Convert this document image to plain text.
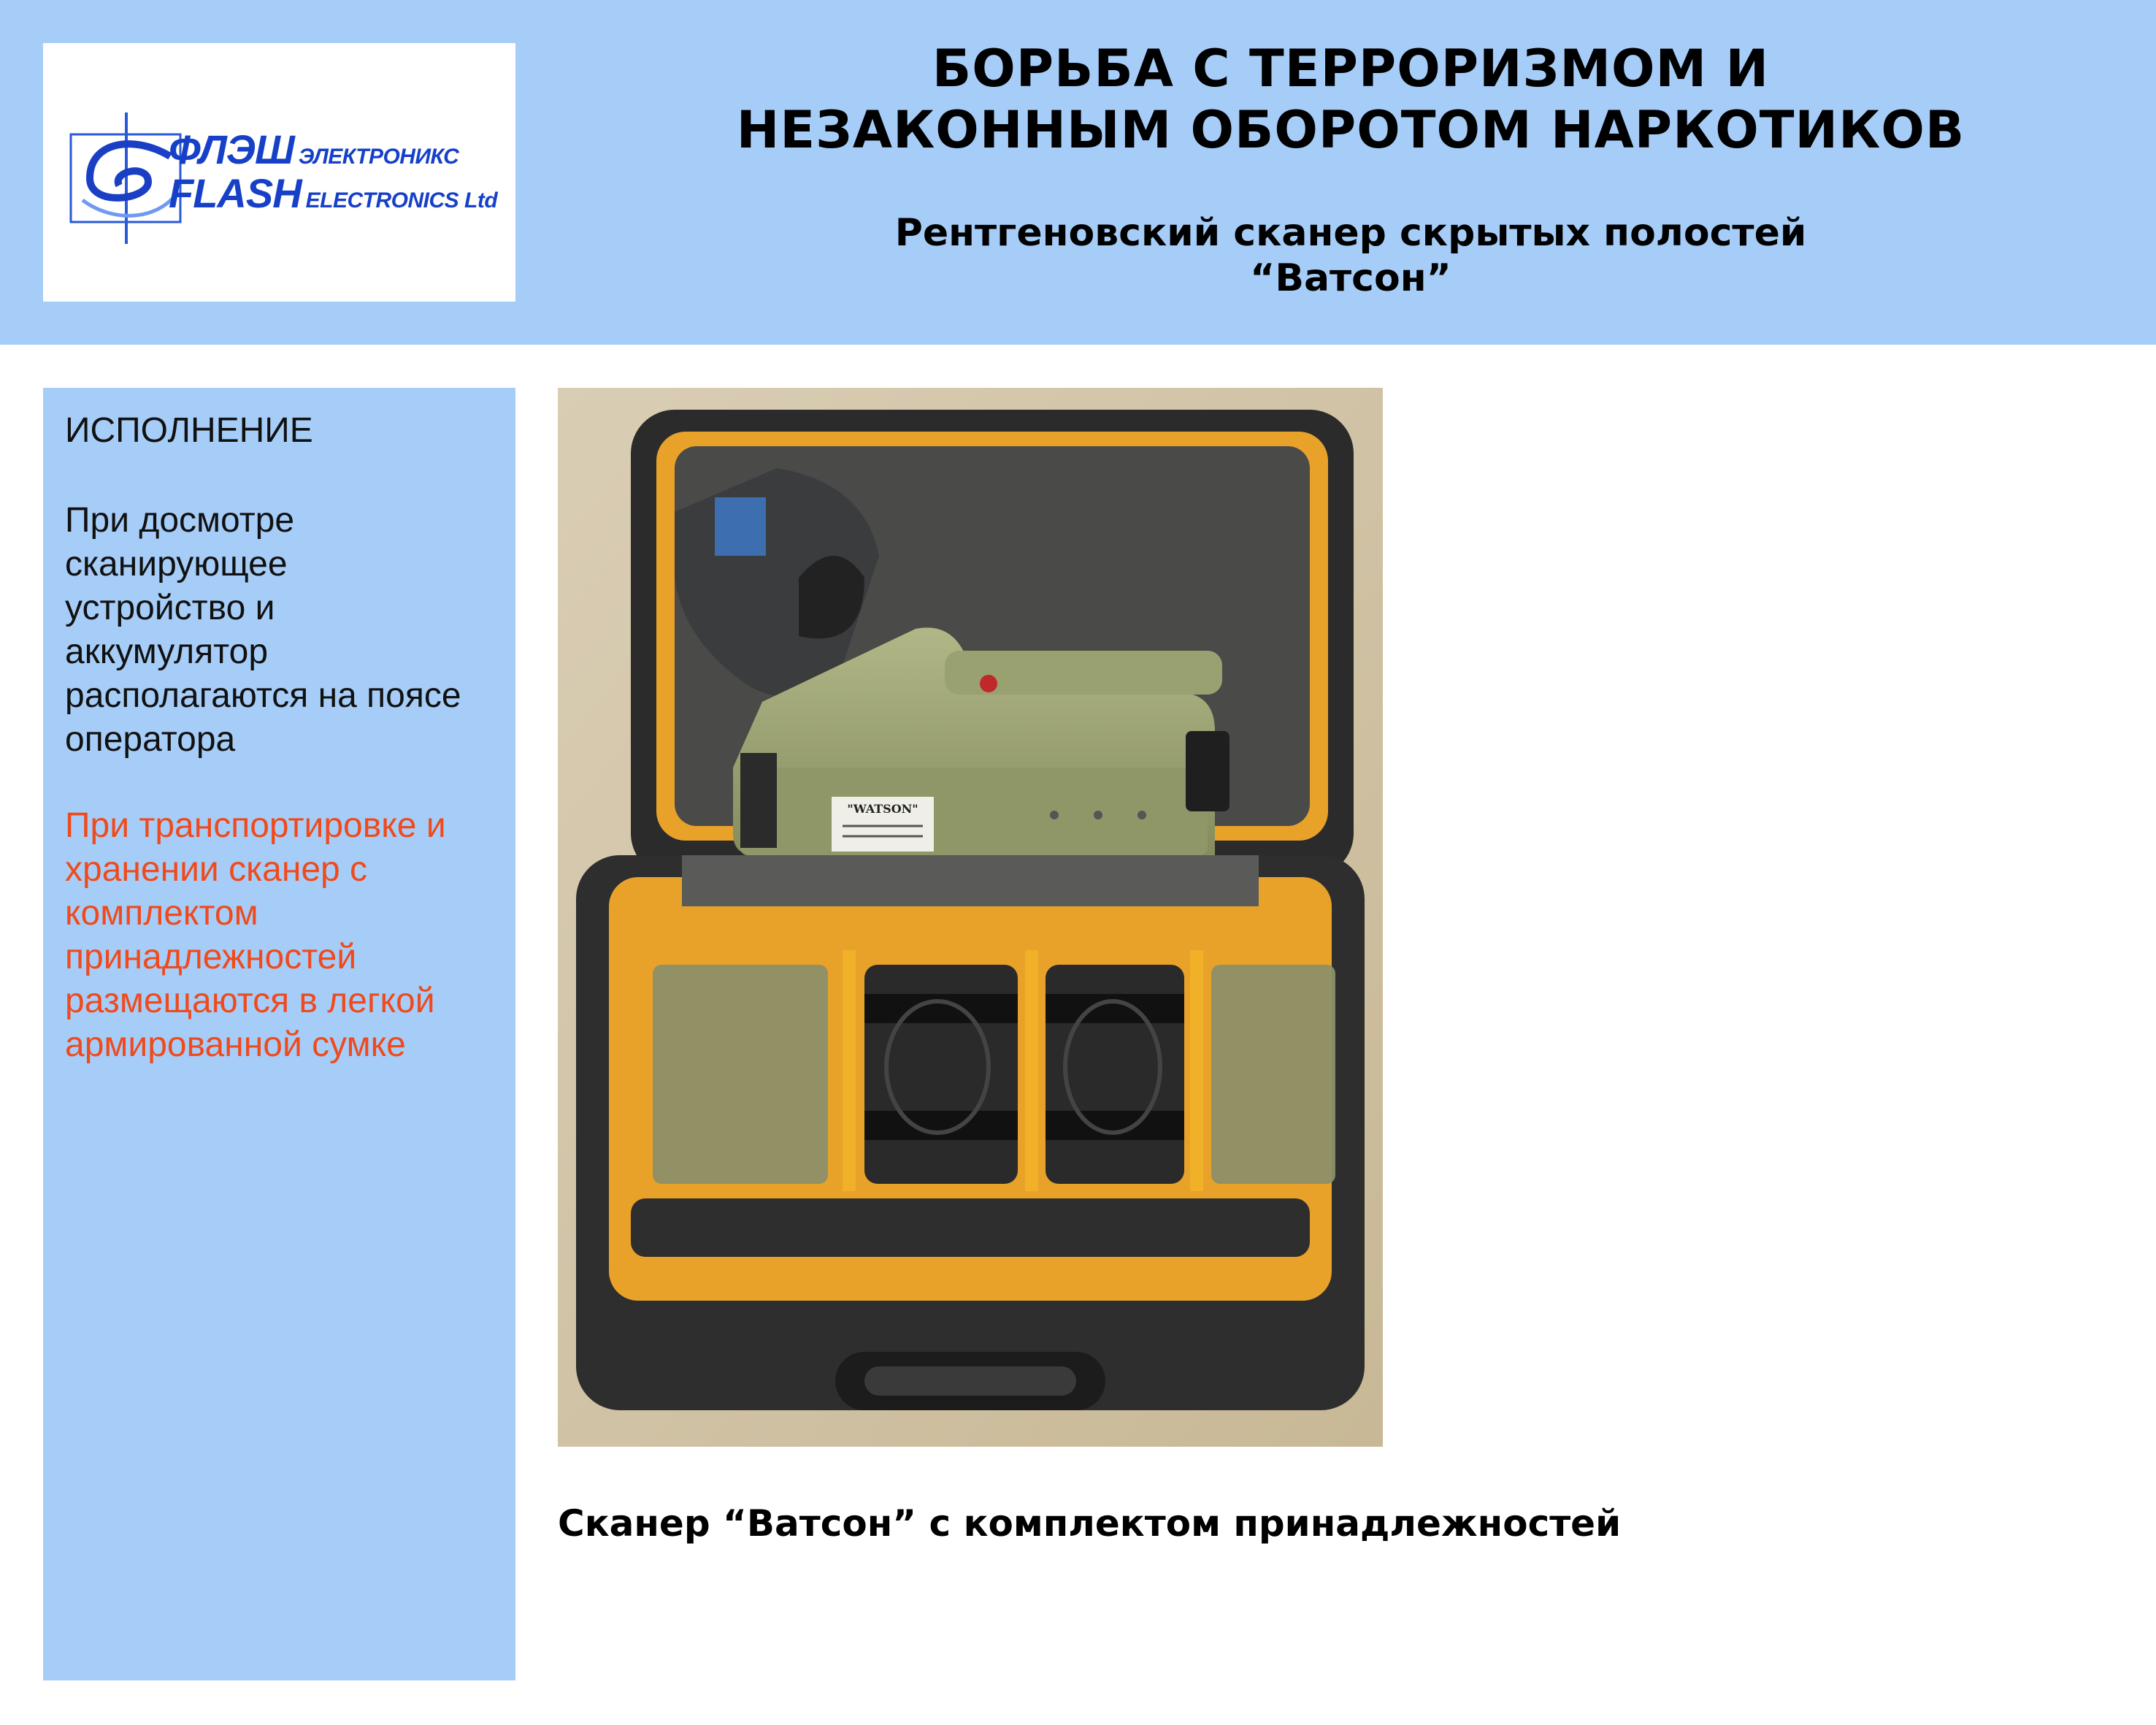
ФЛЭШ ЭЛЕКТРОНИКС
FLASH ELECTRONICS Ltd
БОРЬБА С ТЕРРОРИЗМОМ И
НЕЗАКОННЫМ ОБОРОТОМ НАРКОТИКОВ
Рентгеновский сканер скрытых полостей
“Ватсон”
ИСПОЛНЕНИЕ
При досмотре
сканирующее
устройство и
аккумулятор
располагаются на поясе
оператора
При транспортировке и
хранении сканер с
комплектом
принадлежностей
размещаются в легкой
армированной сумке
"WATSON"
Сканер “Ватсон” с комплектом принадлежностей
